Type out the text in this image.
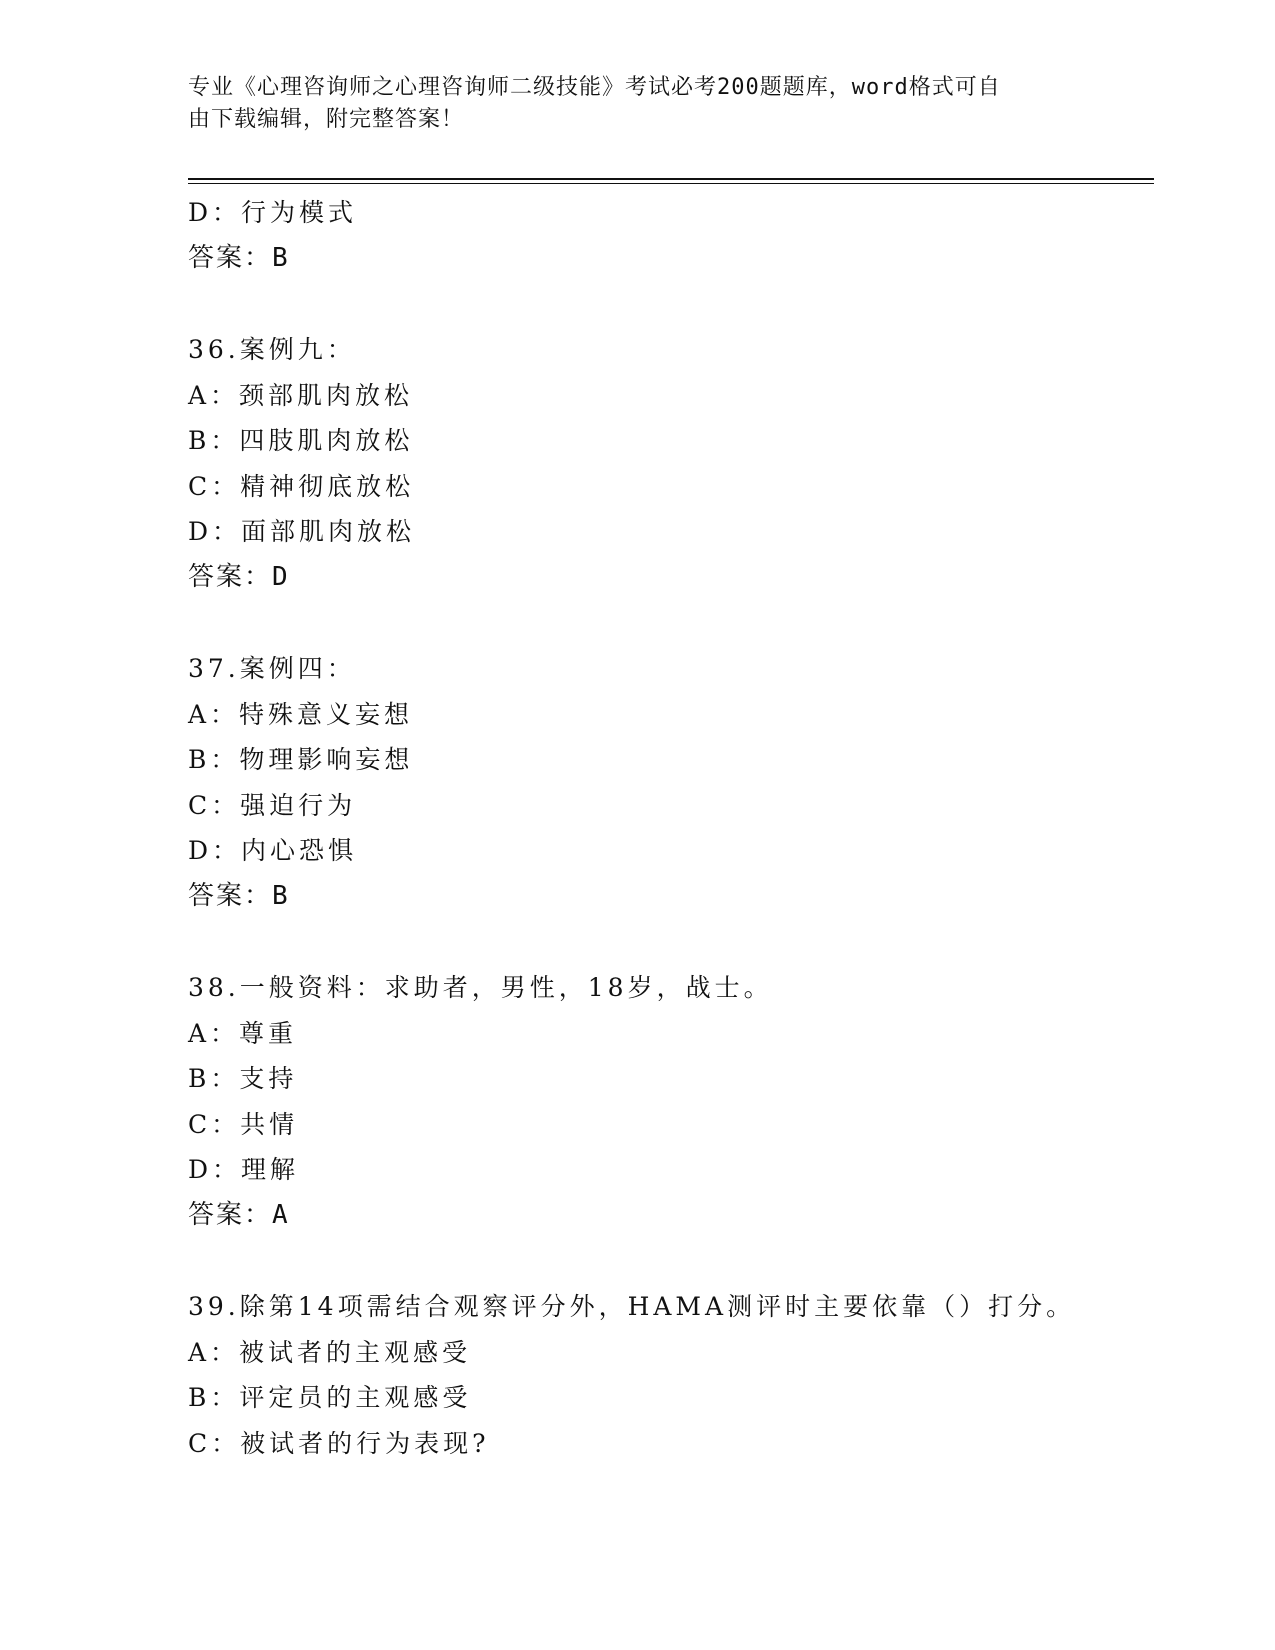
专业《心理咨询师之心理咨询师二级技能》考试必考200题题库，word格式可自
由下载编辑，附完整答案！
D：行为模式
答案：B
36.案例九：
A：颈部肌肉放松
B：四肢肌肉放松
C：精神彻底放松
D：面部肌肉放松
答案：D
37.案例四：
A：特殊意义妄想
B：物理影响妄想
C：强迫行为
D：内心恐惧
答案：B
38.一般资料：求助者，男性，18岁，战士。
A：尊重
B：支持
C：共情
D：理解
答案：A
39.除第14项需结合观察评分外，HAMA测评时主要依靠（）打分。
A：被试者的主观感受
B：评定员的主观感受
C：被试者的行为表现?
